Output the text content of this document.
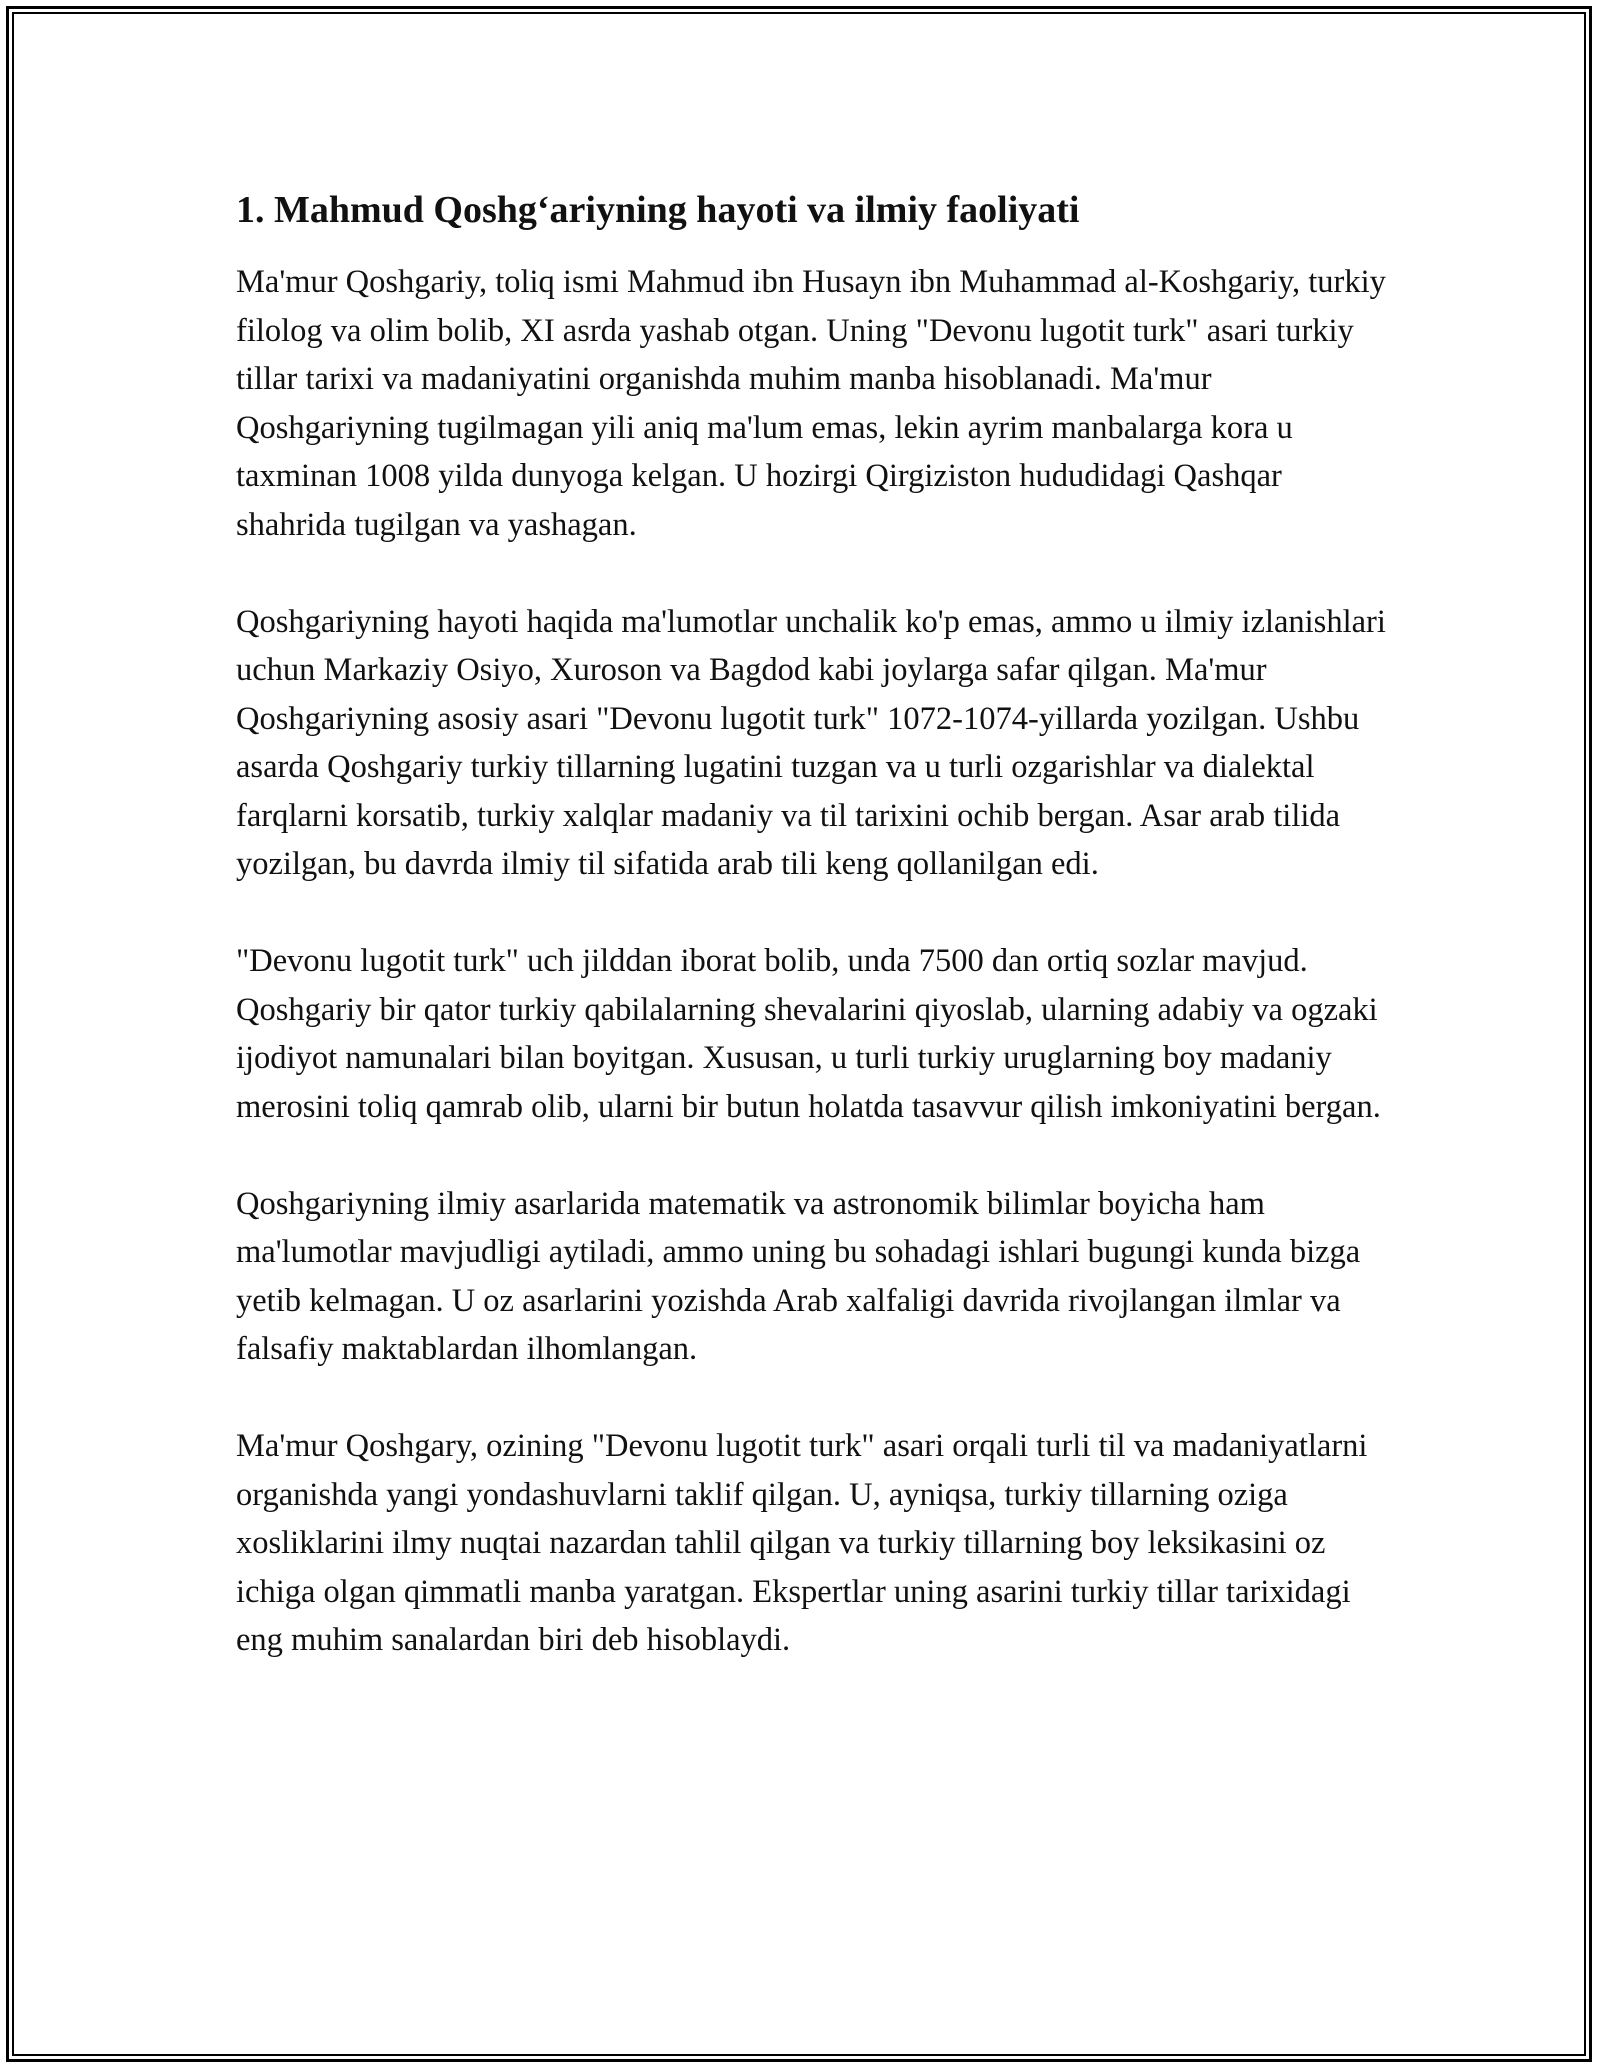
1. Mahmud Qoshg‘ariyning hayoti va ilmiy faoliyati

Ma'mur Qoshgariy, toliq ismi Mahmud ibn Husayn ibn Muhammad al-Koshgariy, turkiy filolog va olim bolib, XI asrda yashab otgan. Uning "Devonu lugotit turk" asari turkiy tillar tarixi va madaniyatini organishda muhim manba hisoblanadi. Ma'mur Qoshgariyning tugilmagan yili aniq ma'lum emas, lekin ayrim manbalarga kora u taxminan 1008 yilda dunyoga kelgan. U hozirgi Qirgiziston hududidagi Qashqar shahrida tugilgan va yashagan.

Qoshgariyning hayoti haqida ma'lumotlar unchalik ko'p emas, ammo u ilmiy izlanishlari uchun Markaziy Osiyo, Xuroson va Bagdod kabi joylarga safar qilgan. Ma'mur Qoshgariyning asosiy asari "Devonu lugotit turk" 1072-1074-yillarda yozilgan. Ushbu asarda Qoshgariy turkiy tillarning lugatini tuzgan va u turli ozgarishlar va dialektal farqlarni korsatib, turkiy xalqlar madaniy va til tarixini ochib bergan. Asar arab tilida yozilgan, bu davrda ilmiy til sifatida arab tili keng qollanilgan edi.

"Devonu lugotit turk" uch jilddan iborat bolib, unda 7500 dan ortiq sozlar mavjud. Qoshgariy bir qator turkiy qabilalarning shevalarini qiyoslab, ularning adabiy va ogzaki ijodiyot namunalari bilan boyitgan. Xususan, u turli turkiy uruglarning boy madaniy merosini toliq qamrab olib, ularni bir butun holatda tasavvur qilish imkoniyatini bergan.

Qoshgariyning ilmiy asarlarida matematik va astronomik bilimlar boyicha ham ma'lumotlar mavjudligi aytiladi, ammo uning bu sohadagi ishlari bugungi kunda bizga yetib kelmagan. U oz asarlarini yozishda Arab xalfaligi davrida rivojlangan ilmlar va falsafiy maktablardan ilhomlangan.

Ma'mur Qoshgary, ozining "Devonu lugotit turk" asari orqali turli til va madaniyatlarni organishda yangi yondashuvlarni taklif qilgan. U, ayniqsa, turkiy tillarning oziga xosliklarini ilmy nuqtai nazardan tahlil qilgan va turkiy tillarning boy leksikasini oz ichiga olgan qimmatli manba yaratgan. Ekspertlar uning asarini turkiy tillar tarixidagi eng muhim sanalardan biri deb hisoblaydi.
